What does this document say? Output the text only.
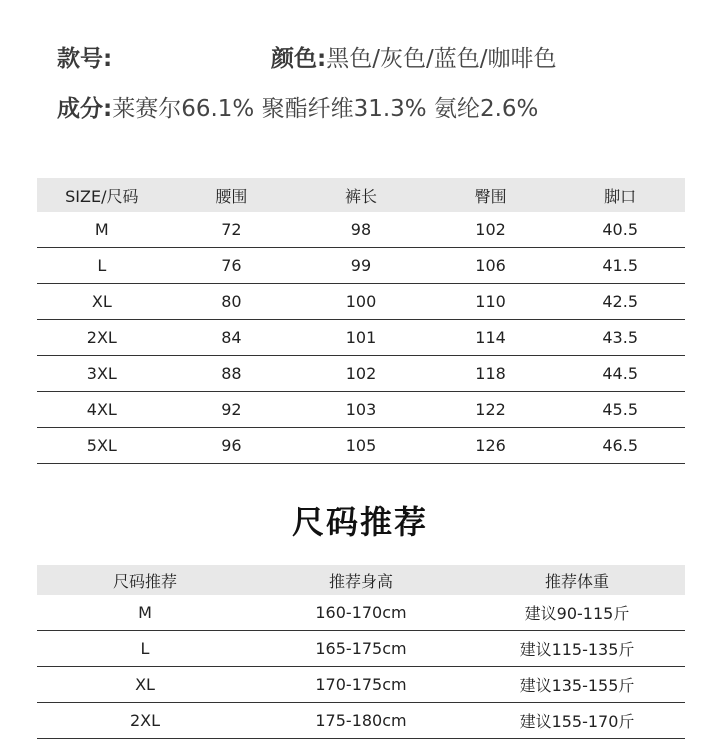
款号:	颜色:黑色/灰色/蓝色/咖啡色
成分:莱赛尔66.1% 聚酯纤维31.3% 氨纶2.6%
SIZE/尺码	腰围	裤长	臀围	脚口
M	72	98	102	40.5
L	76	99	106	41.5
XL	80	100	110	42.5
2XL	84	101	114	43.5
3XL	88	102	118	44.5
4XL	92	103	122	45.5
5XL	96	105	126	46.5
尺码推荐
尺码推荐	推荐身高	推荐体重
M	160-170cm	建议90-115斤
L	165-175cm	建议115-135斤
XL	170-175cm	建议135-155斤
2XL	175-180cm	建议155-170斤
